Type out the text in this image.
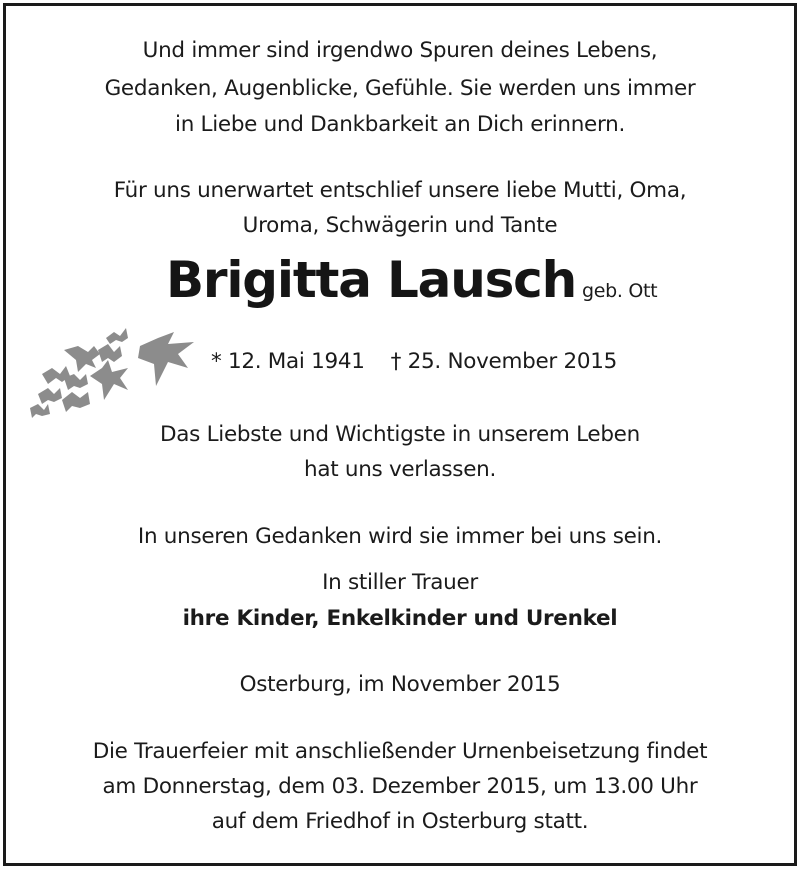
Und immer sind irgendwo Spuren deines Lebens,
Gedanken, Augenblicke, Gefühle. Sie werden uns immer
in Liebe und Dankbarkeit an Dich erinnern.
Für uns unerwartet entschlief unsere liebe Mutti, Oma,
Uroma, Schwägerin und Tante
Brigitta Lausch geb. Ott
* 12. Mai 1941 † 25. November 2015
Das Liebste und Wichtigste in unserem Leben
hat uns verlassen.
In unseren Gedanken wird sie immer bei uns sein.
In stiller Trauer
ihre Kinder, Enkelkinder und Urenkel
Osterburg, im November 2015
Die Trauerfeier mit anschließender Urnenbeisetzung findet
am Donnerstag, dem 03. Dezember 2015, um 13.00 Uhr
auf dem Friedhof in Osterburg statt.
